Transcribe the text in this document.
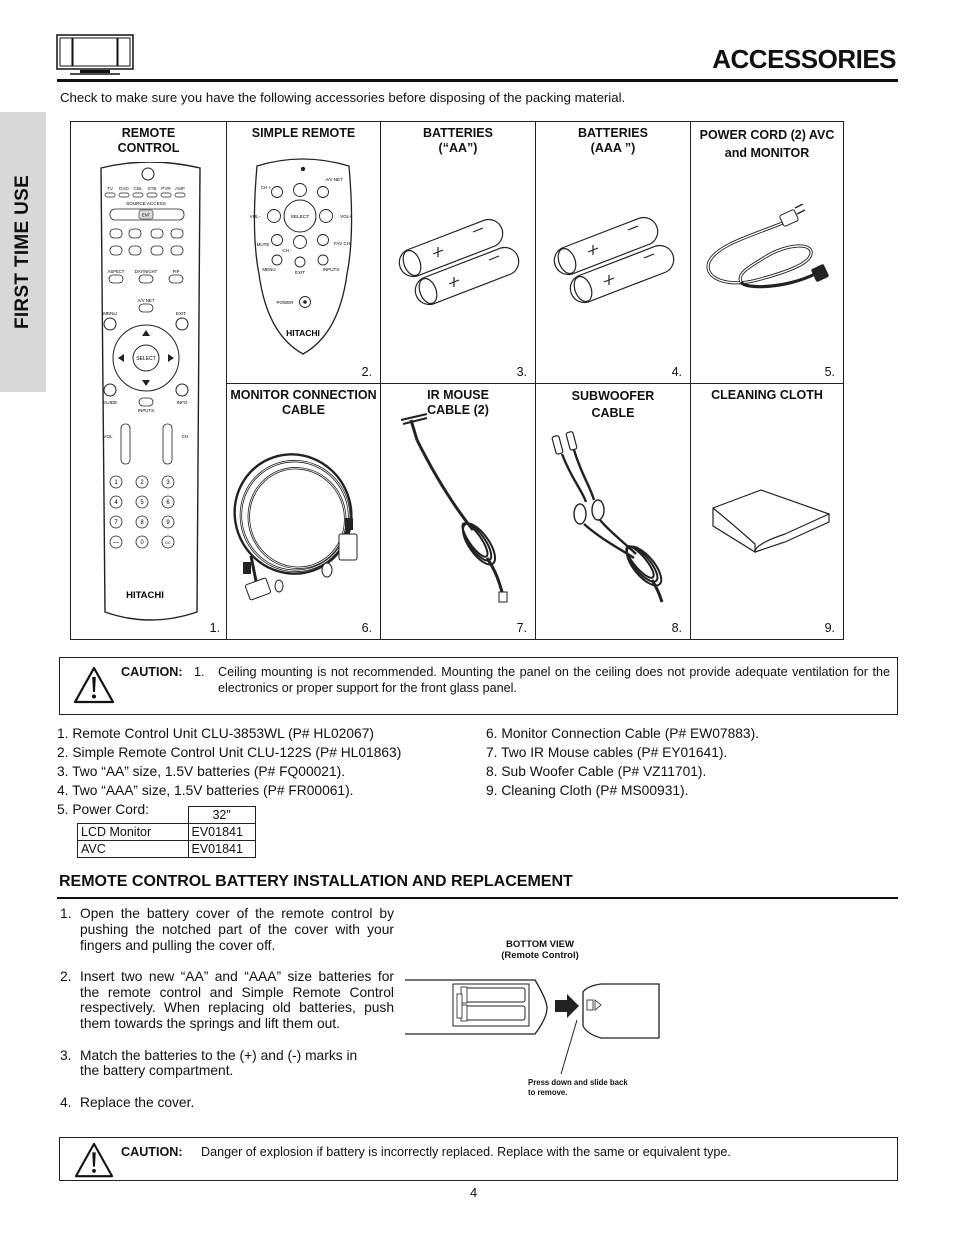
ACCESSORIES
FIRST TIME USE
Check to make sure you have the following accessories before disposing of the packing material.
REMOTE CONTROL
1.
TV DVD CBL STB PVR AMP
SOURCE ACCESS
ENT
ASPECT DAY/NIGHT	PIP
A/V NET
MENU	EXIT
SELECT
GUIDE	INFO
INPUTS
VOL	CH
1	2	3
4	5	6
7	8	9
—	0	CC
HITACHI
SIMPLE REMOTE
2.
SELECT
CH +
A/V NET
VOL-	VOL+
MUTE
CH -
FAV CH
MENU	INPUTS
EXIT
POWER
HITACHI
BATTERIES (“AA”)
3.
BATTERIES (AAA ”)
4.
POWER CORD (2) AVC and MONITOR
5.
MONITOR CONNECTION CABLE
6.
IR MOUSE CABLE (2)
7.
SUBWOOFER CABLE
8.
CLEANING CLOTH
9.
CAUTION: 1. Ceiling mounting is not recommended. Mounting the panel on the ceiling does not provide adequate ventilation for the electronics or proper support for the front glass panel.
1. Remote Control Unit CLU-3853WL (P# HL02067)
2. Simple Remote Control Unit CLU-122S (P# HL01863)
3. Two “AA” size, 1.5V batteries (P# FQ00021).
4. Two “AAA” size, 1.5V batteries (P# FR00061).
5. Power Cord:
6. Monitor Connection Cable (P# EW07883).
7. Two IR Mouse cables (P# EY01641).
8. Sub Woofer Cable (P# VZ11701).
9. Cleaning Cloth (P# MS00931).
	32”
LCD Monitor	EV01841
AVC	EV01841
REMOTE CONTROL BATTERY INSTALLATION AND REPLACEMENT
1. Open the battery cover of the remote control by pushing the notched part of the cover with your fingers and pulling the cover off.
2. Insert two new “AA” and “AAA” size batteries for the remote control and Simple Remote Control respectively. When replacing old batteries, push them towards the springs and lift them out.
3. Match the batteries to the (+) and (-) marks in the battery compartment.
4. Replace the cover.
BOTTOM VIEW
(Remote Control)
Press down and slide back
to remove.
CAUTION: Danger of explosion if battery is incorrectly replaced. Replace with the same or equivalent type.
4
